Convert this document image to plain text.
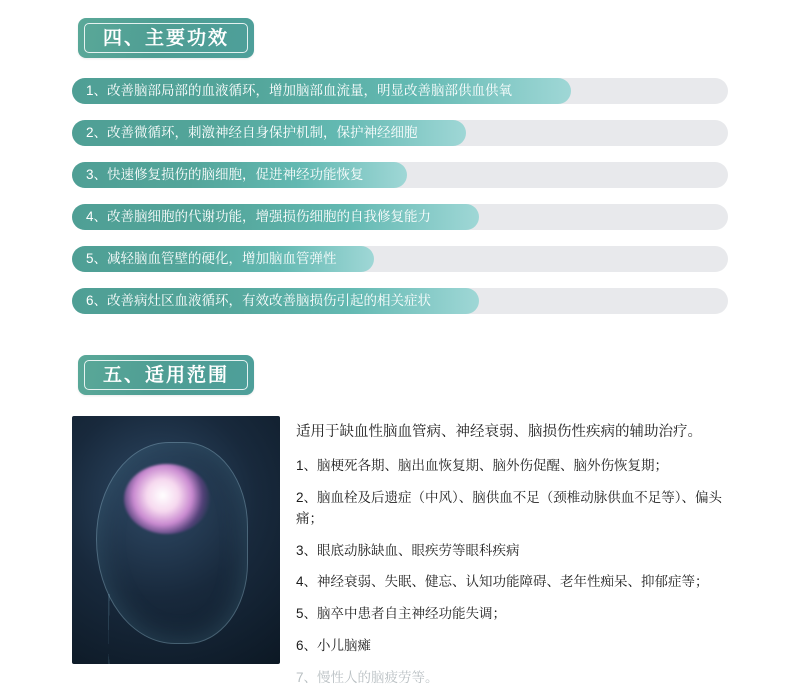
四、主要功效
1、改善脑部局部的血液循环，增加脑部血流量，明显改善脑部供血供氧
2、改善微循环，刺激神经自身保护机制，保护神经细胞
3、快速修复损伤的脑细胞，促进神经功能恢复
4、改善脑细胞的代谢功能，增强损伤细胞的自我修复能力
5、减轻脑血管壁的硬化，增加脑血管弹性
6、改善病灶区血液循环，有效改善脑损伤引起的相关症状
五、适用范围
适用于缺血性脑血管病、神经衰弱、脑损伤性疾病的辅助治疗。
1、脑梗死各期、脑出血恢复期、脑外伤促醒、脑外伤恢复期；
2、脑血栓及后遗症（中风）、脑供血不足（颈椎动脉供血不足等）、偏头痛；
3、眼底动脉缺血、眼疾劳等眼科疾病
4、神经衰弱、失眠、健忘、认知功能障碍、老年性痴呆、抑郁症等；
5、脑卒中患者自主神经功能失调；
6、小儿脑瘫
7、慢性人的脑疲劳等。
